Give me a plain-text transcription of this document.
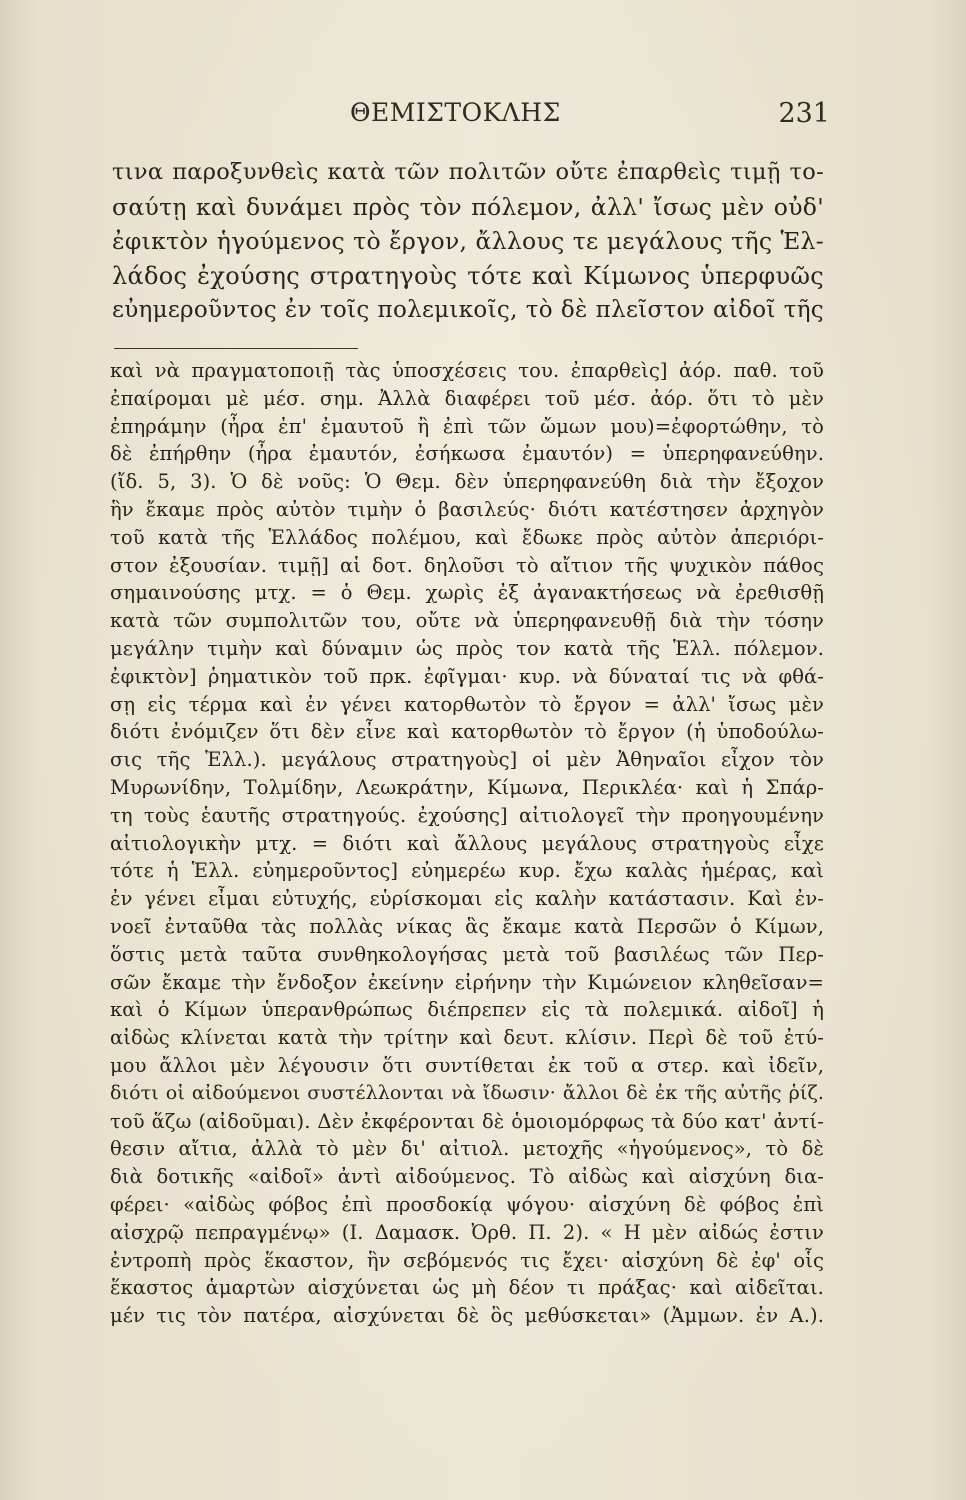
ΘΕΜΙΣΤΟΚΛΗΣ	231
τινα παροξυνθεὶς κατὰ τῶν πολιτῶν οὔτε ἐπαρθεὶς τιμῇ το-
σαύτῃ καὶ δυνάμει πρὸς τὸν πόλεμον, ἀλλ' ἴσως μὲν οὐδ'
ἐφικτὸν ἡγούμενος τὸ ἔργον, ἄλλους τε μεγάλους τῆς Ἑλ-
λάδος ἐχούσης στρατηγοὺς τότε καὶ Κίμωνος ὑπερφυῶς
εὐημεροῦντος ἐν τοῖς πολεμικοῖς, τὸ δὲ πλεῖστον αἰδοῖ τῆς
καὶ νὰ πραγματοποιῇ τὰς ὑποσχέσεις του. ἐπαρθεὶς] ἀόρ. παθ. τοῦ
ἐπαίρομαι μὲ μέσ. σημ. Ἀλλὰ διαφέρει τοῦ μέσ. ἀόρ. ὅτι τὸ μὲν
ἐπηράμην (ἦρα ἐπ' ἐμαυτοῦ ἢ ἐπὶ τῶν ὤμων μου)=ἐφορτώθην, τὸ
δὲ ἐπήρθην (ἦρα ἐμαυτόν, ἐσήκωσα ἐμαυτόν) = ὑπερηφανεύθην.
(ἴδ. 5, 3). Ὁ δὲ νοῦς: Ὁ Θεμ. δὲν ὑπερηφανεύθη διὰ τὴν ἔξοχον
ἣν ἔκαμε πρὸς αὐτὸν τιμὴν ὁ βασιλεύς· διότι κατέστησεν ἀρχηγὸν
τοῦ κατὰ τῆς Ἑλλάδος πολέμου, καὶ ἔδωκε πρὸς αὐτὸν ἀπεριόρι-
στον ἐξουσίαν. τιμῇ] αἱ δοτ. δηλοῦσι τὸ αἴτιον τῆς ψυχικὸν πάθος
σημαινούσης μτχ. = ὁ Θεμ. χωρὶς ἐξ ἀγανακτήσεως νὰ ἐρεθισθῇ
κατὰ τῶν συμπολιτῶν του, οὔτε νὰ ὑπερηφανευθῇ διὰ τὴν τόσην
μεγάλην τιμὴν καὶ δύναμιν ὡς πρὸς τον κατὰ τῆς Ἑλλ. πόλεμον.
ἐφικτὸν] ῥηματικὸν τοῦ πρκ. ἐφῖγμαι· κυρ. νὰ δύναταί τις νὰ φθά-
σῃ εἰς τέρμα καὶ ἐν γένει κατορθωτὸν τὸ ἔργον = ἀλλ' ἴσως μὲν
διότι ἐνόμιζεν ὅτι δὲν εἶνε καὶ κατορθωτὸν τὸ ἔργον (ἡ ὑποδούλω-
σις τῆς Ἑλλ.). μεγάλους στρατηγοὺς] οἱ μὲν Ἀθηναῖοι εἶχον τὸν
Μυρωνίδην, Τολμίδην, Λεωκράτην, Κίμωνα, Περικλέα· καὶ ἡ Σπάρ-
τη τοὺς ἑαυτῆς στρατηγούς. ἐχούσης] αἰτιολογεῖ τὴν προηγουμένην
αἰτιολογικὴν μτχ. = διότι καὶ ἄλλους μεγάλους στρατηγοὺς εἶχε
τότε ἡ Ἑλλ. εὐημεροῦντος] εὐημερέω κυρ. ἔχω καλὰς ἡμέρας, καὶ
ἐν γένει εἶμαι εὐτυχής, εὑρίσκομαι εἰς καλὴν κατάστασιν. Καὶ ἐν-
νοεῖ ἐνταῦθα τὰς πολλὰς νίκας ἃς ἔκαμε κατὰ Περσῶν ὁ Κίμων,
ὅστις μετὰ ταῦτα συνθηκολογήσας μετὰ τοῦ βασιλέως τῶν Περ-
σῶν ἔκαμε τὴν ἔνδοξον ἐκείνην εἰρήνην τὴν Κιμώνειον κληθεῖσαν=
καὶ ὁ Κίμων ὑπερανθρώπως διέπρεπεν εἰς τὰ πολεμικά. αἰδοῖ] ἡ
αἰδὼς κλίνεται κατὰ τὴν τρίτην καὶ δευτ. κλίσιν. Περὶ δὲ τοῦ ἐτύ-
μου ἄλλοι μὲν λέγουσιν ὅτι συντίθεται ἐκ τοῦ α στερ. καὶ ἰδεῖν,
διότι οἱ αἰδούμενοι συστέλλονται νὰ ἴδωσιν· ἄλλοι δὲ ἐκ τῆς αὐτῆς ῥίζ.
τοῦ ἅζω (αἰδοῦμαι). Δὲν ἐκφέρονται δὲ ὁμοιομόρφως τὰ δύο κατ' ἀντί-
θεσιν αἴτια, ἀλλὰ τὸ μὲν δι' αἰτιολ. μετοχῆς «ἡγούμενος», τὸ δὲ
διὰ δοτικῆς «αἰδοῖ» ἀντὶ αἰδούμενος. Τὸ αἰδὼς καὶ αἰσχύνη δια-
φέρει· «αἰδὼς φόβος ἐπὶ προσδοκίᾳ ψόγου· αἰσχύνη δὲ φόβος ἐπὶ
αἰσχρῷ πεπραγμένῳ» (Ι. Δαμασκ. Ὀρθ. Π. 2). « Η μὲν αἰδώς ἐστιν
ἐντροπὴ πρὸς ἕκαστον, ἣν σεβόμενός τις ἔχει· αἰσχύνη δὲ ἐφ' οἷς
ἕκαστος ἁμαρτὼν αἰσχύνεται ὡς μὴ δέον τι πράξας· καὶ αἰδεῖται.
μέν τις τὸν πατέρα, αἰσχύνεται δὲ ὃς μεθύσκεται» (Ἀμμων. ἐν Α.).
